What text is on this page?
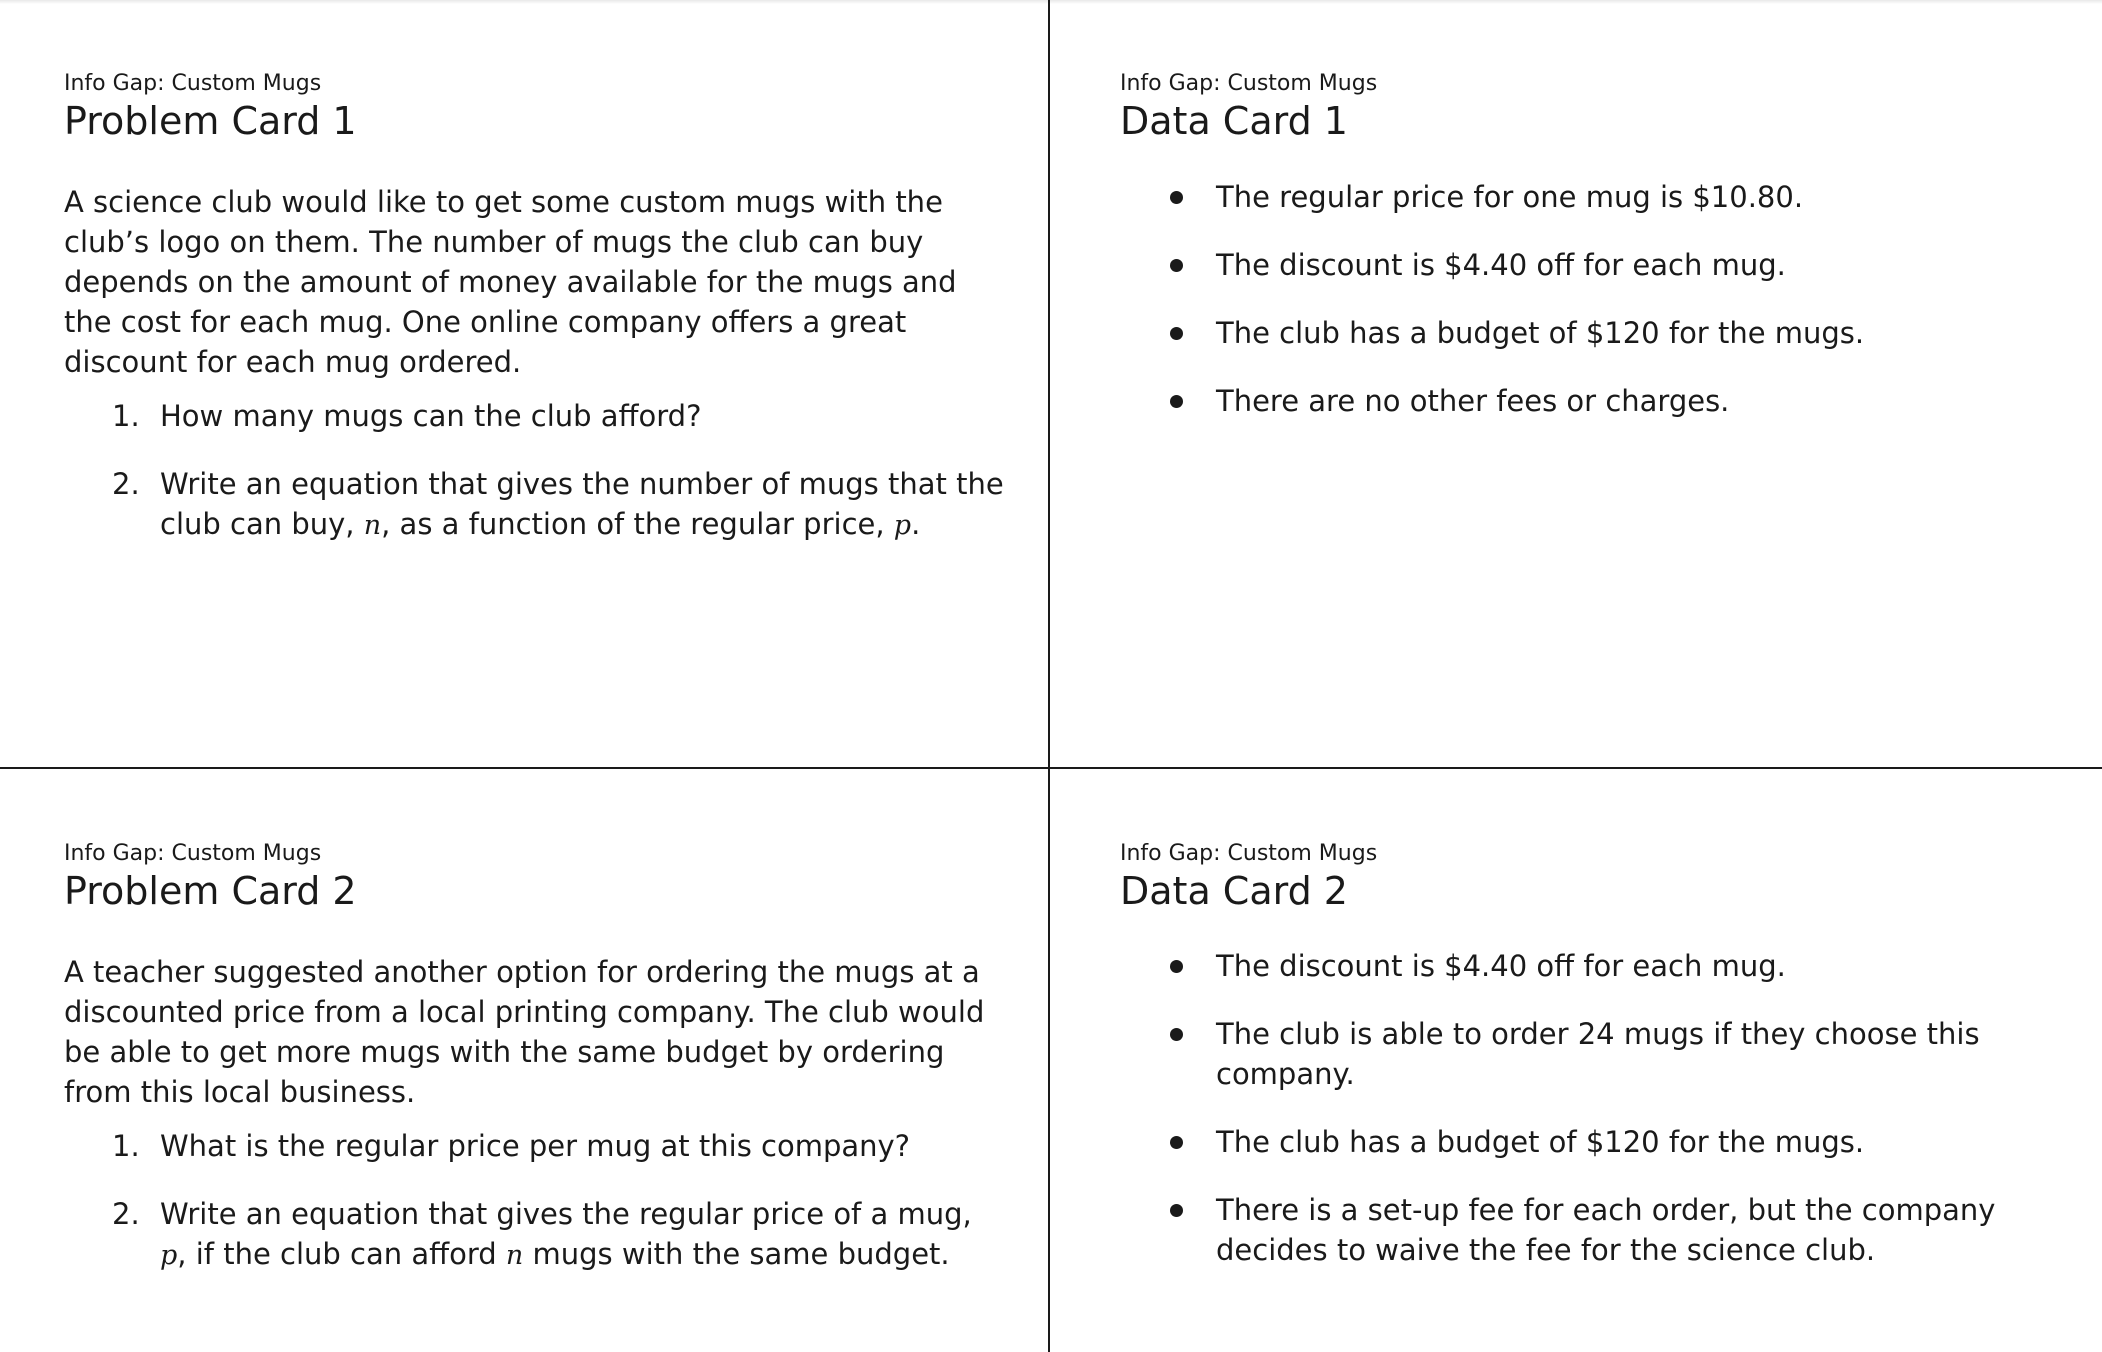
Info Gap: Custom Mugs

Problem Card 1

A science club would like to get some custom mugs with the club’s logo on them. The number of mugs the club can buy depends on the amount of money available for the mugs and the cost for each mug. One online company offers a great discount for each mug ordered.

1. How many mugs can the club afford?
2. Write an equation that gives the number of mugs that the club can buy, n, as a function of the regular price, p.

Info Gap: Custom Mugs

Data Card 1
The regular price for one mug is $10.80.
The discount is $4.40 off for each mug.
The club has a budget of $120 for the mugs.
There are no other fees or charges.

Info Gap: Custom Mugs

Problem Card 2

A teacher suggested another option for ordering the mugs at a discounted price from a local printing company. The club would be able to get more mugs with the same budget by ordering from this local business.

1. What is the regular price per mug at this company?
2. Write an equation that gives the regular price of a mug, p, if the club can afford n mugs with the same budget.

Info Gap: Custom Mugs

Data Card 2
The discount is $4.40 off for each mug.
The club is able to order 24 mugs if they choose this company.
The club has a budget of $120 for the mugs.
There is a set-up fee for each order, but the company decides to waive the fee for the science club.
